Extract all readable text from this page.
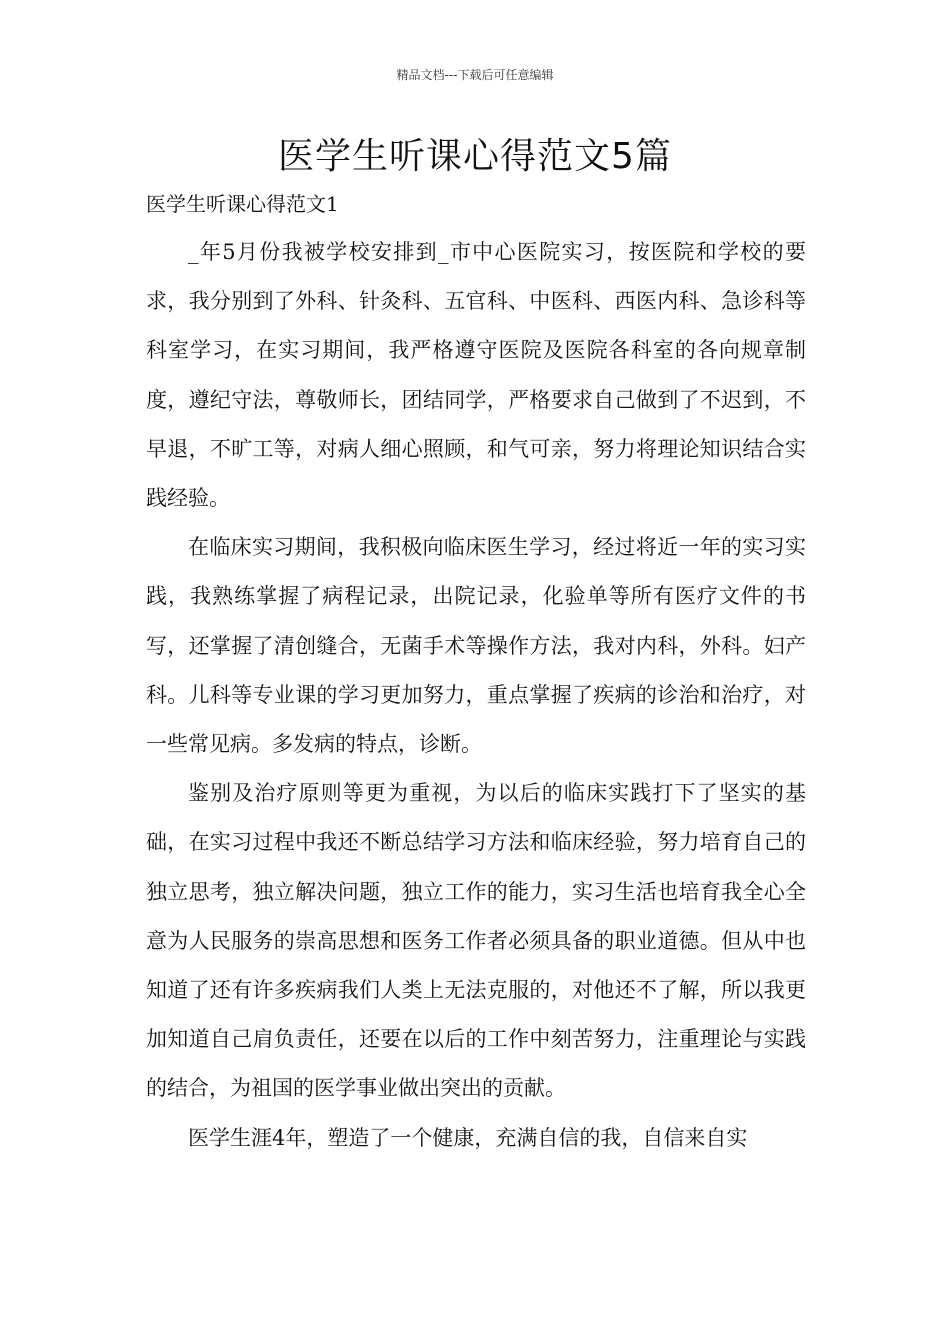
精品文档---下载后可任意编辑
医学生听课心得范文5篇
医学生听课心得范文1

_年5月份我被学校安排到_市中心医院实习，按医院和学校的要求，我分别到了外科、针灸科、五官科、中医科、西医内科、急诊科等科室学习，在实习期间，我严格遵守医院及医院各科室的各向规章制度，遵纪守法，尊敬师长，团结同学，严格要求自己做到了不迟到，不早退，不旷工等，对病人细心照顾，和气可亲，努力将理论知识结合实践经验。

在临床实习期间，我积极向临床医生学习，经过将近一年的实习实践，我熟练掌握了病程记录，出院记录，化验单等所有医疗文件的书写，还掌握了清创缝合，无菌手术等操作方法，我对内科，外科。妇产科。儿科等专业课的学习更加努力，重点掌握了疾病的诊治和治疗，对一些常见病。多发病的特点，诊断。

鉴别及治疗原则等更为重视，为以后的临床实践打下了坚实的基础，在实习过程中我还不断总结学习方法和临床经验，努力培育自己的独立思考，独立解决问题，独立工作的能力，实习生活也培育我全心全意为人民服务的崇高思想和医务工作者必须具备的职业道德。但从中也知道了还有许多疾病我们人类上无法克服的，对他还不了解，所以我更加知道自己肩负责任，还要在以后的工作中刻苦努力，注重理论与实践的结合，为祖国的医学事业做出突出的贡献。

医学生涯4年，塑造了一个健康，充满自信的我，自信来自实
